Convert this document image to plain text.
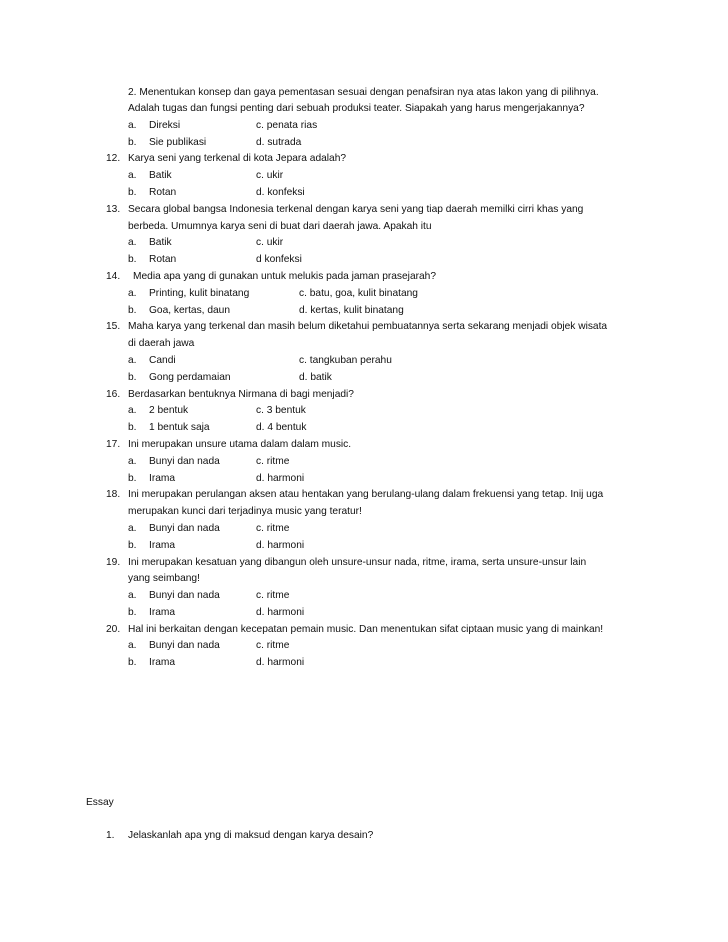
2. Menentukan konsep dan gaya pementasan sesuai dengan penafsiran nya atas lakon yang di pilihnya.
Adalah tugas dan fungsi penting dari sebuah produksi teater. Siapakah yang harus mengerjakannya?
a. Direksi	c. penata rias
b. Sie publikasi	d. sutrada
12. Karya seni yang terkenal di kota Jepara adalah?
a. Batik	c. ukir
b. Rotan	d. konfeksi
13. Secara global bangsa Indonesia terkenal dengan karya seni yang tiap daerah memilki cirri khas yang
berbeda. Umumnya karya seni di buat dari daerah jawa. Apakah itu
a. Batik	c. ukir
b. Rotan	d konfeksi
14. Media apa yang di gunakan untuk melukis pada jaman prasejarah?
a. Printing, kulit binatang	c. batu, goa, kulit binatang
b. Goa, kertas, daun	d. kertas, kulit binatang
15. Maha karya yang terkenal dan masih belum diketahui pembuatannya serta sekarang menjadi objek wisata
di daerah jawa
a. Candi	c. tangkuban perahu
b. Gong perdamaian	d. batik
16. Berdasarkan bentuknya Nirmana di bagi menjadi?
a. 2 bentuk	c. 3 bentuk
b. 1 bentuk saja	d. 4 bentuk
17. Ini merupakan unsure utama dalam dalam music.
a. Bunyi dan nada	c. ritme
b. Irama	d. harmoni
18. Ini merupakan perulangan aksen atau hentakan yang berulang-ulang dalam frekuensi yang tetap. Inij uga
merupakan kunci dari terjadinya music yang teratur!
a. Bunyi dan nada	c. ritme
b. Irama	d. harmoni
19. Ini merupakan kesatuan yang dibangun oleh unsure-unsur nada, ritme, irama, serta unsure-unsur lain
yang seimbang!
a. Bunyi dan nada	c. ritme
b. Irama	d. harmoni
20. Hal ini berkaitan dengan kecepatan pemain music. Dan menentukan sifat ciptaan music yang di mainkan!
a. Bunyi dan nada	c. ritme
b. Irama	d. harmoni
Essay
1. Jelaskanlah apa yng di maksud dengan karya desain?
